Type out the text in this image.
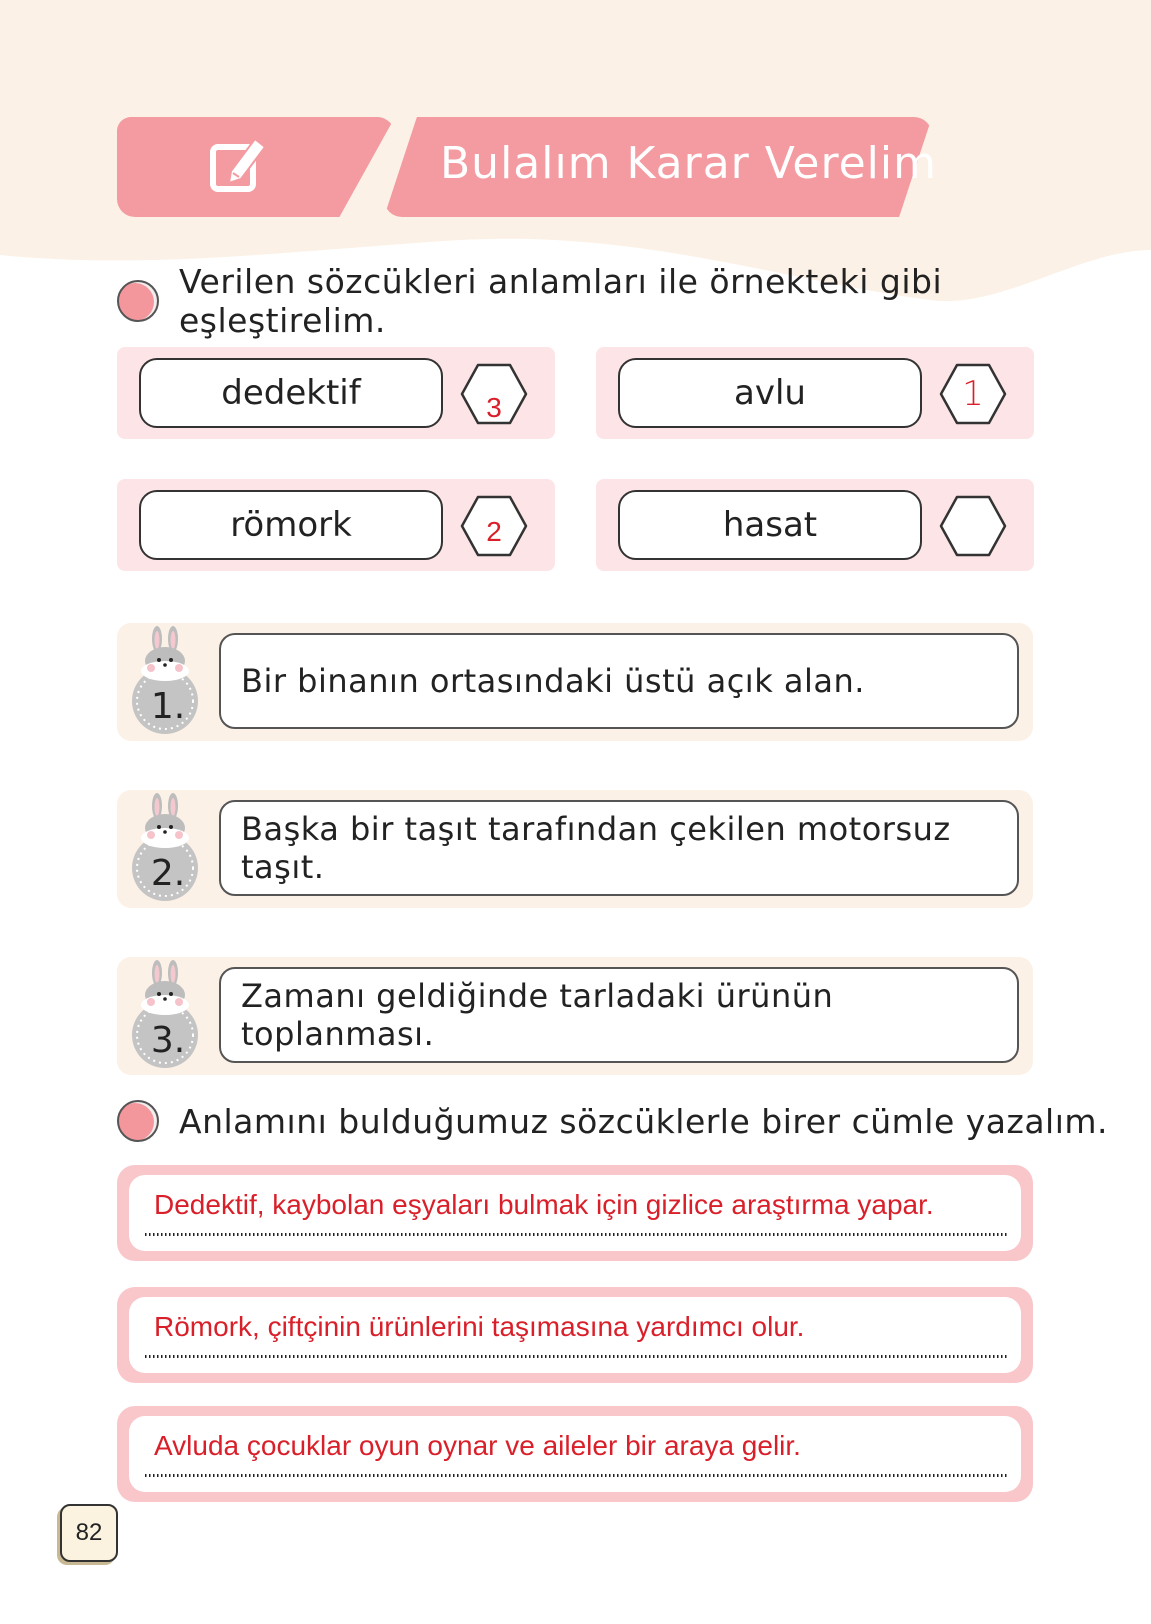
Bulalım Karar Verelim
Verilen sözcükleri anlamları ile örnekteki gibi eşleştirelim.
dedektif	3	avlu	1
römork	2	hasat
1.
Bir binanın ortasındaki üstü açık alan.
2.
Başka bir taşıt tarafından çekilen motorsuz taşıt.
3.
Zamanı geldiğinde tarladaki ürünün toplanması.
Anlamını bulduğumuz sözcüklerle birer cümle yazalım.
Dedektif, kaybolan eşyaları bulmak için gizlice araştırma yapar.
Römork, çiftçinin ürünlerini taşımasına yardımcı olur.
Avluda çocuklar oyun oynar ve aileler bir araya gelir.
82
